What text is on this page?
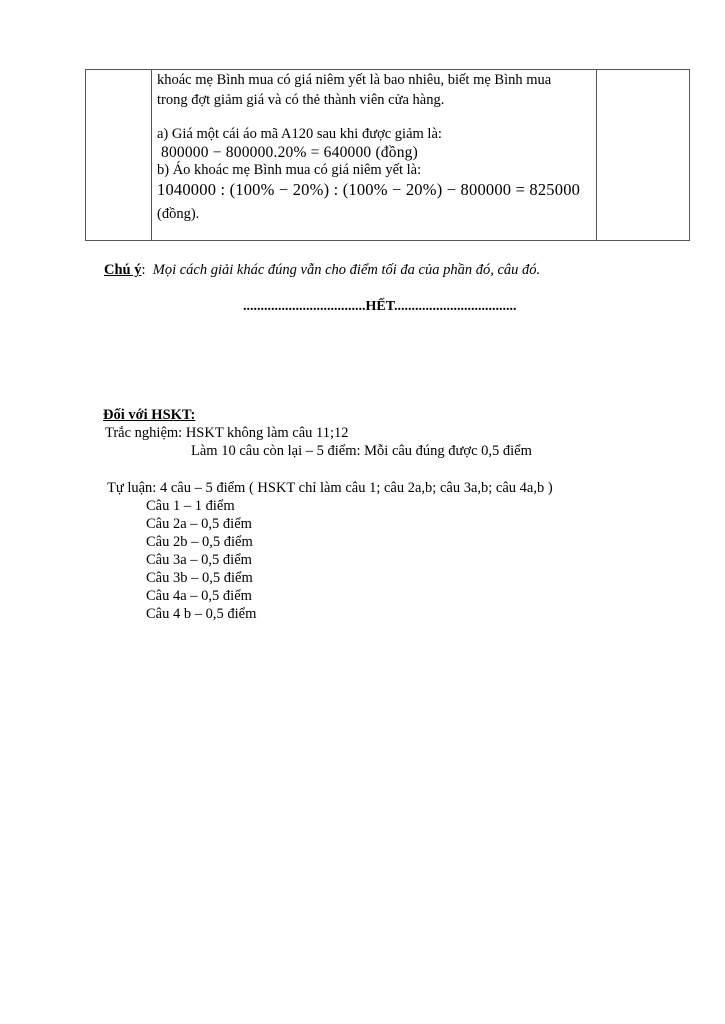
khoác mẹ Bình mua có giá niêm yết là bao nhiêu, biết mẹ Bình mua
trong đợt giảm giá và có thẻ thành viên cửa hàng.
a) Giá một cái áo mã A120 sau khi được giảm là:
800000 − 800000.20% = 640000 (đồng)
b) Áo khoác mẹ Bình mua có giá niêm yết là:
1040000 : (100% − 20%) : (100% − 20%) − 800000 = 825000
(đồng).
Chú ý: Mọi cách giải khác đúng vẫn cho điểm tối đa của phần đó, câu đó.
...................................HẾT...................................
Đối với HSKT:
Trắc nghiệm: HSKT không làm câu 11;12
Làm 10 câu còn lại – 5 điểm: Mỗi câu đúng được 0,5 điểm
Tự luận: 4 câu – 5 điểm ( HSKT chỉ làm câu 1; câu 2a,b; câu 3a,b; câu 4a,b )
Câu 1 – 1 điểm
Câu 2a – 0,5 điểm
Câu 2b – 0,5 điểm
Câu 3a – 0,5 điểm
Câu 3b – 0,5 điểm
Câu 4a – 0,5 điểm
Câu 4 b – 0,5 điểm
